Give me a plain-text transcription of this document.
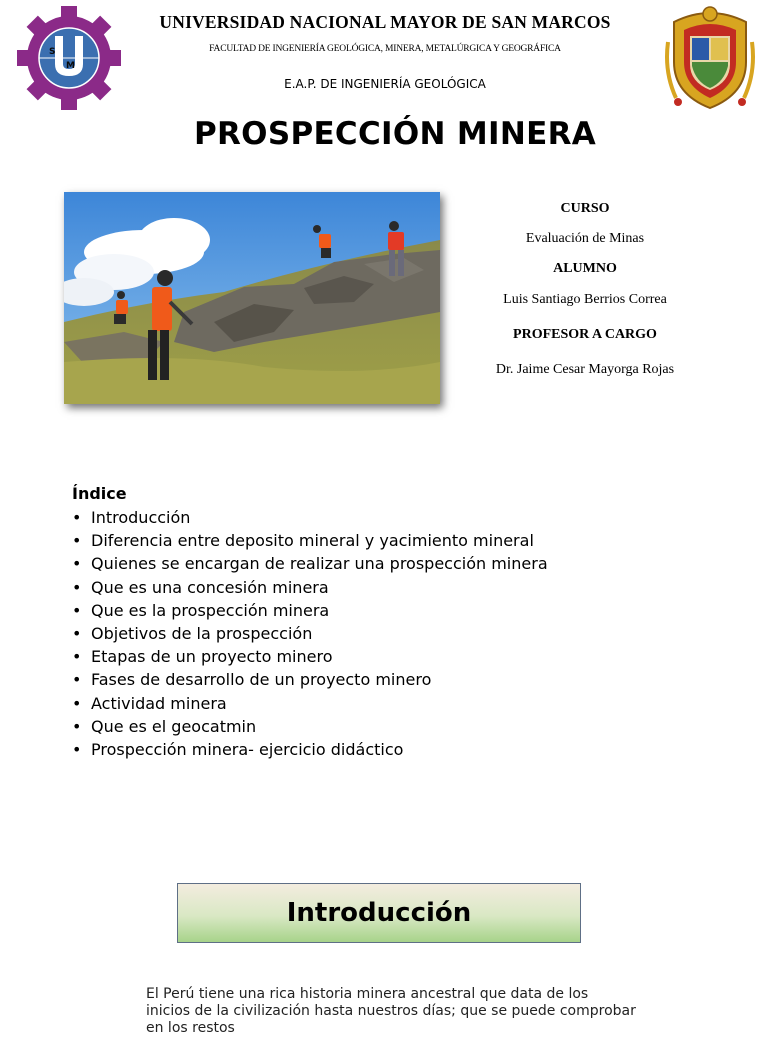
S
M
UNIVERSIDAD NACIONAL MAYOR DE SAN MARCOS
FACULTAD DE INGENIERÍA GEOLÓGICA, MINERA, METALÚRGICA Y GEOGRÁFICA
E.A.P. DE INGENIERÍA GEOLÓGICA
PROSPECCIÓN MINERA
CURSO
Evaluación de Minas
ALUMNO
Luis Santiago Berrios Correa
PROFESOR A CARGO
Dr. Jaime Cesar Mayorga Rojas
Índice
• Introducción
• Diferencia entre deposito mineral y yacimiento mineral
• Quienes se encargan de realizar una prospección minera
• Que es una concesión minera
• Que es la prospección minera
• Objetivos de la prospección
• Etapas de un proyecto minero
• Fases de desarrollo de un proyecto minero
• Actividad minera
• Que es el geocatmin
• Prospección minera- ejercicio didáctico
Introducción
El Perú tiene una rica historia minera ancestral que data de los inicios de la civilización hasta nuestros días; que se puede comprobar en los restos
